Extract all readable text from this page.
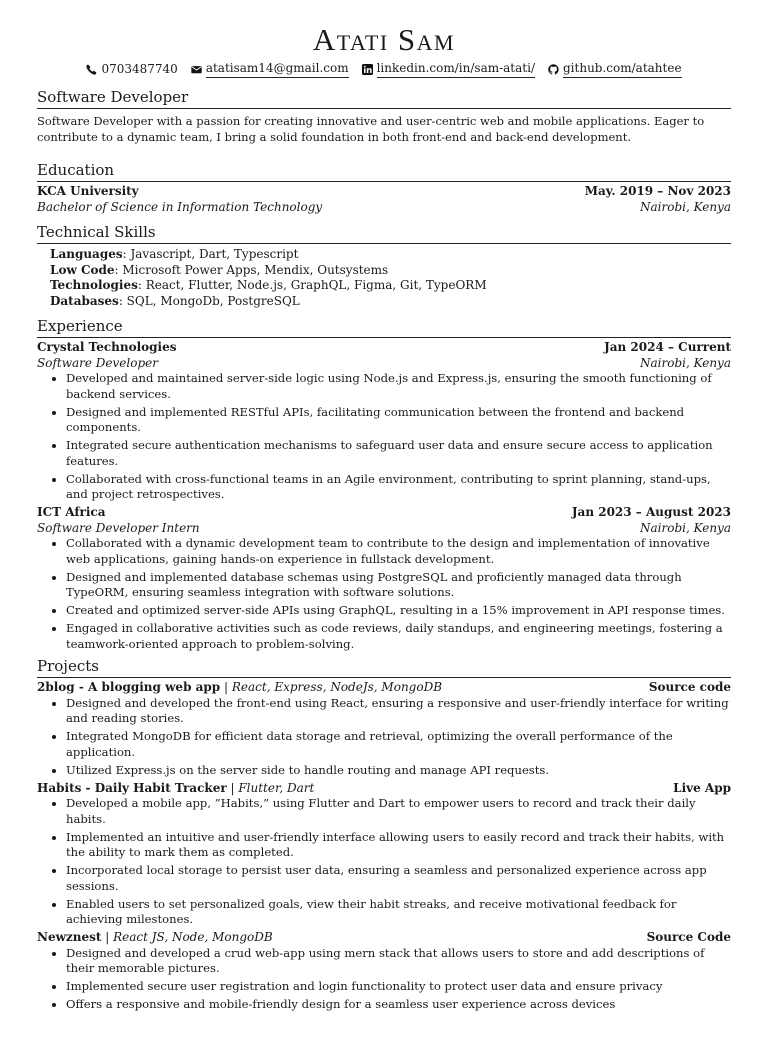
Atati Sam
0703487740 atatisam14@gmail.com linkedin.com/in/sam-atati/ github.com/atahtee
Software Developer
Software Developer with a passion for creating innovative and user-centric web and mobile applications. Eager to contribute to a dynamic team, I bring a solid foundation in both front-end and back-end development.
Education
KCA University	May. 2019 – Nov 2023
Bachelor of Science in Information Technology	Nairobi, Kenya
Technical Skills
Languages: Javascript, Dart, Typescript
Low Code: Microsoft Power Apps, Mendix, Outsystems
Technologies: React, Flutter, Node.js, GraphQL, Figma, Git, TypeORM
Databases: SQL, MongoDb, PostgreSQL
Experience
Crystal Technologies	Jan 2024 – Current
Software Developer	Nairobi, Kenya
• Developed and maintained server-side logic using Node.js and Express.js, ensuring the smooth functioning of backend services.
• Designed and implemented RESTful APIs, facilitating communication between the frontend and backend components.
• Integrated secure authentication mechanisms to safeguard user data and ensure secure access to application features.
• Collaborated with cross-functional teams in an Agile environment, contributing to sprint planning, stand-ups, and project retrospectives.
ICT Africa	Jan 2023 – August 2023
Software Developer Intern	Nairobi, Kenya
• Collaborated with a dynamic development team to contribute to the design and implementation of innovative web applications, gaining hands-on experience in fullstack development.
• Designed and implemented database schemas using PostgreSQL and proficiently managed data through TypeORM, ensuring seamless integration with software solutions.
• Created and optimized server-side APIs using GraphQL, resulting in a 15% improvement in API response times.
• Engaged in collaborative activities such as code reviews, daily standups, and engineering meetings, fostering a teamwork-oriented approach to problem-solving.
Projects
2blog - A blogging web app | React, Express, NodeJs, MongoDB	Source code
• Designed and developed the front-end using React, ensuring a responsive and user-friendly interface for writing and reading stories.
• Integrated MongoDB for efficient data storage and retrieval, optimizing the overall performance of the application.
• Utilized Express.js on the server side to handle routing and manage API requests.
Habits - Daily Habit Tracker | Flutter, Dart	Live App
• Developed a mobile app, ”Habits,” using Flutter and Dart to empower users to record and track their daily habits.
• Implemented an intuitive and user-friendly interface allowing users to easily record and track their habits, with the ability to mark them as completed.
• Incorporated local storage to persist user data, ensuring a seamless and personalized experience across app sessions.
• Enabled users to set personalized goals, view their habit streaks, and receive motivational feedback for achieving milestones.
Newznest | React JS, Node, MongoDB	Source Code
• Designed and developed a crud web-app using mern stack that allows users to store and add descriptions of their memorable pictures.
• Implemented secure user registration and login functionality to protect user data and ensure privacy
• Offers a responsive and mobile-friendly design for a seamless user experience across devices
